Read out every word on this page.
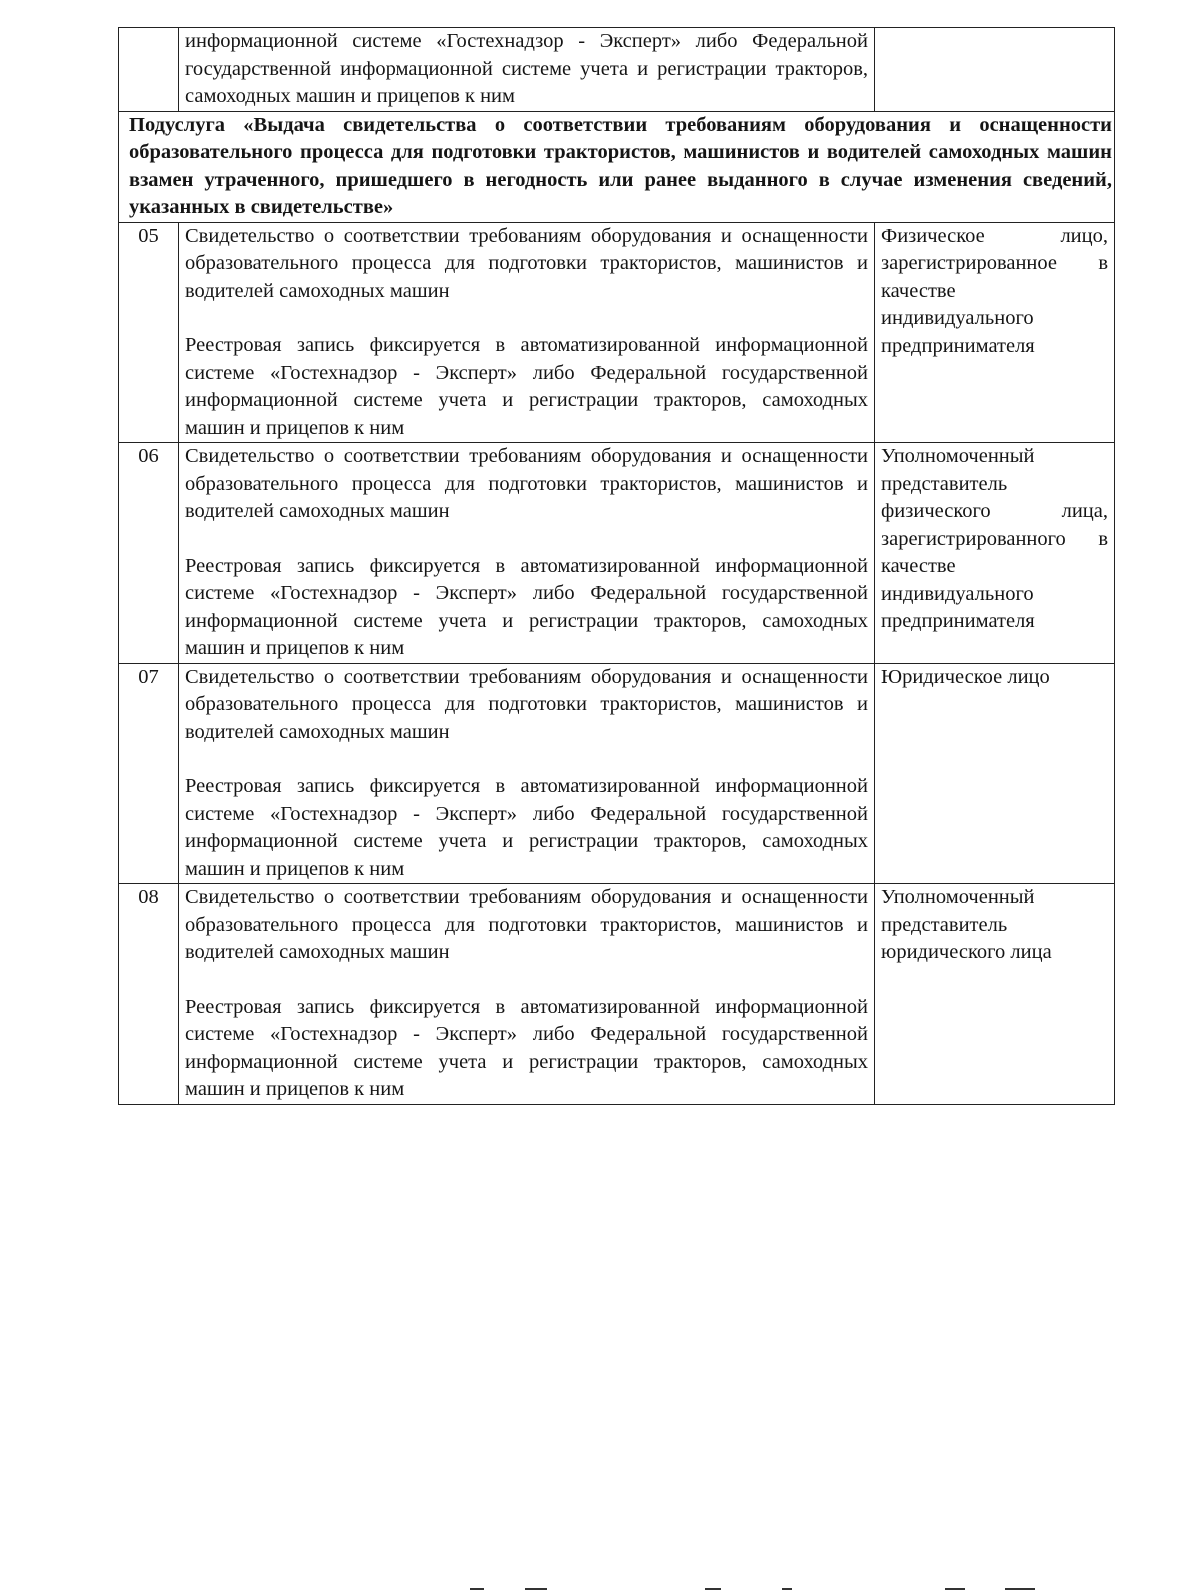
	информационной системе «Гостехнадзор - Эксперт» либо Федеральной государственной информационной системе учета и регистрации тракторов, самоходных машин и прицепов к ним	
Подуслуга «Выдача свидетельства о соответствии требованиям оборудования и оснащенности образовательного процесса для подготовки трактористов, машинистов и водителей самоходных машин взамен утраченного, пришедшего в негодность или ранее выданного в случае изменения сведений, указанных в свидетельстве»		
05	Свидетельство о соответствии требованиям оборудования и оснащенности образовательного процесса для подготовки трактористов, машинистов и водителей самоходных машин

Реестровая запись фиксируется в автоматизированной информационной системе «Гостехнадзор - Эксперт» либо Федеральной государственной информационной системе учета и регистрации тракторов, самоходных машин и прицепов к ним	Физическое лицо, зарегистрированное в качестве индивидуального предпринимателя
06	Свидетельство о соответствии требованиям оборудования и оснащенности образовательного процесса для подготовки трактористов, машинистов и водителей самоходных машин

Реестровая запись фиксируется в автоматизированной информационной системе «Гостехнадзор - Эксперт» либо Федеральной государственной информационной системе учета и регистрации тракторов, самоходных машин и прицепов к ним	Уполномоченный представитель физического лица, зарегистрированного в качестве индивидуального предпринимателя
07	Свидетельство о соответствии требованиям оборудования и оснащенности образовательного процесса для подготовки трактористов, машинистов и водителей самоходных машин

Реестровая запись фиксируется в автоматизированной информационной системе «Гостехнадзор - Эксперт» либо Федеральной государственной информационной системе учета и регистрации тракторов, самоходных машин и прицепов к ним	Юридическое лицо
08	Свидетельство о соответствии требованиям оборудования и оснащенности образовательного процесса для подготовки трактористов, машинистов и водителей самоходных машин

Реестровая запись фиксируется в автоматизированной информационной системе «Гостехнадзор - Эксперт» либо Федеральной государственной информационной системе учета и регистрации тракторов, самоходных машин и прицепов к ним	Уполномоченный представитель юридического лица
